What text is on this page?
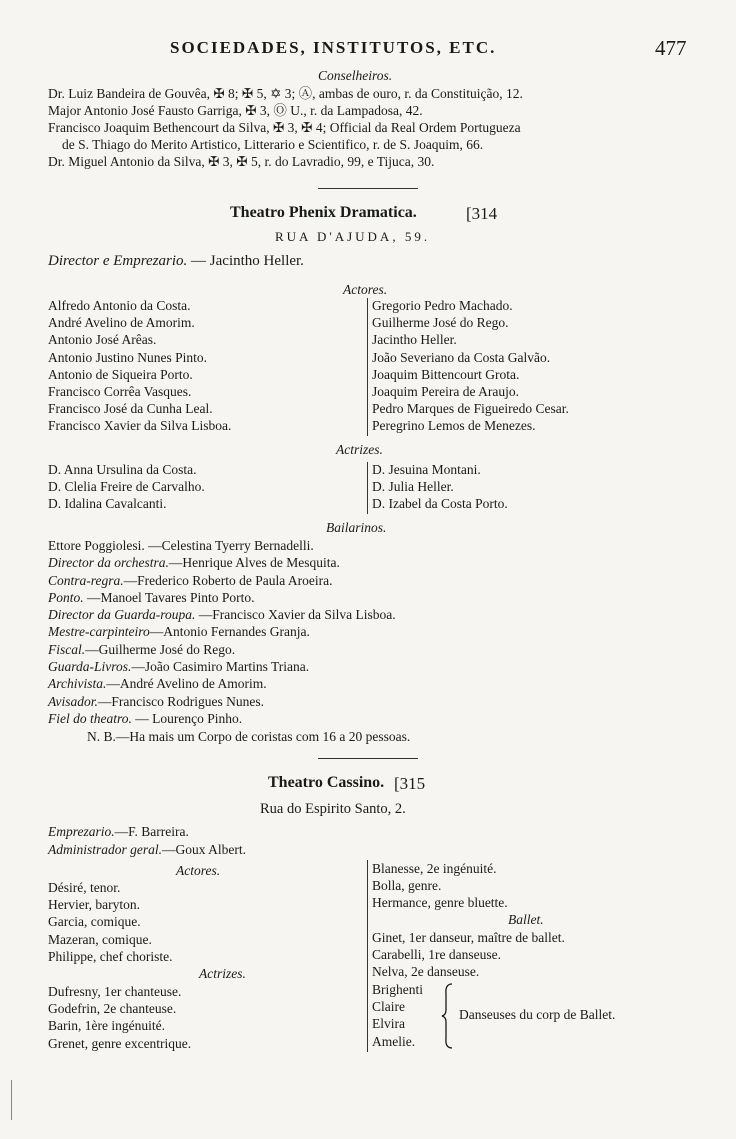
SOCIEDADES, INSTITUTOS, ETC.	477
Conselheiros.
Dr. Luiz Bandeira de Gouvêa, ✠ 8; ✠ 5, ✡ 3; Ⓐ, ambas de ouro, r. da Constituição, 12.
Major Antonio José Fausto Garriga, ✠ 3, Ⓞ U., r. da Lampadosa, 42.
Francisco Joaquim Bethencourt da Silva, ✠ 3, ✠ 4; Official da Real Ordem Portugueza
de S. Thiago do Merito Artistico, Litterario e Scientifico, r. de S. Joaquim, 66.
Dr. Miguel Antonio da Silva, ✠ 3, ✠ 5, r. do Lavradio, 99, e Tijuca, 30.
Theatro Phenix Dramatica.	[314
RUA D'AJUDA, 59.
Director e Emprezario. — Jacintho Heller.
Actores.
Alfredo Antonio da Costa.
André Avelino de Amorim.
Antonio José Arêas.
Antonio Justino Nunes Pinto.
Antonio de Siqueira Porto.
Francisco Corrêa Vasques.
Francisco José da Cunha Leal.
Francisco Xavier da Silva Lisboa.
Gregorio Pedro Machado.
Guilherme José do Rego.
Jacintho Heller.
João Severiano da Costa Galvão.
Joaquim Bittencourt Grota.
Joaquim Pereira de Araujo.
Pedro Marques de Figueiredo Cesar.
Peregrino Lemos de Menezes.
Actrizes.
D. Anna Ursulina da Costa.
D. Clelia Freire de Carvalho.
D. Idalina Cavalcanti.
D. Jesuina Montani.
D. Julia Heller.
D. Izabel da Costa Porto.
Bailarinos.
Ettore Poggiolesi. —Celestina Tyerry Bernadelli.
Director da orchestra.—Henrique Alves de Mesquita.
Contra-regra.—Frederico Roberto de Paula Aroeira.
Ponto. —Manoel Tavares Pinto Porto.
Director da Guarda-roupa. —Francisco Xavier da Silva Lisboa.
Mestre-carpinteiro—Antonio Fernandes Granja.
Fiscal.—Guilherme José do Rego.
Guarda-Livros.—João Casimiro Martins Triana.
Archivista.—André Avelino de Amorim.
Avisador.—Francisco Rodrigues Nunes.
Fiel do theatro. — Lourenço Pinho.
N. B.—Ha mais um Corpo de coristas com 16 a 20 pessoas.
Theatro Cassino. [315
Rua do Espirito Santo, 2.
Emprezario.—F. Barreira.
Administrador geral.—Goux Albert.
Actores.
Désiré, tenor.
Hervier, baryton.
Garcia, comique.
Mazeran, comique.
Philippe, chef choriste.
Actrizes.
Dufresny, 1er chanteuse.
Godefrin, 2e chanteuse.
Barin, 1ère ingénuité.
Grenet, genre excentrique.
Blanesse, 2e ingénuité.
Bolla, genre.
Hermance, genre bluette.
Ballet.
Ginet, 1er danseur, maître de ballet.
Carabelli, 1re danseuse.
Nelva, 2e danseuse.
Brighenti
Claire
Elvira
Amelie.
Danseuses du corp de Ballet.
